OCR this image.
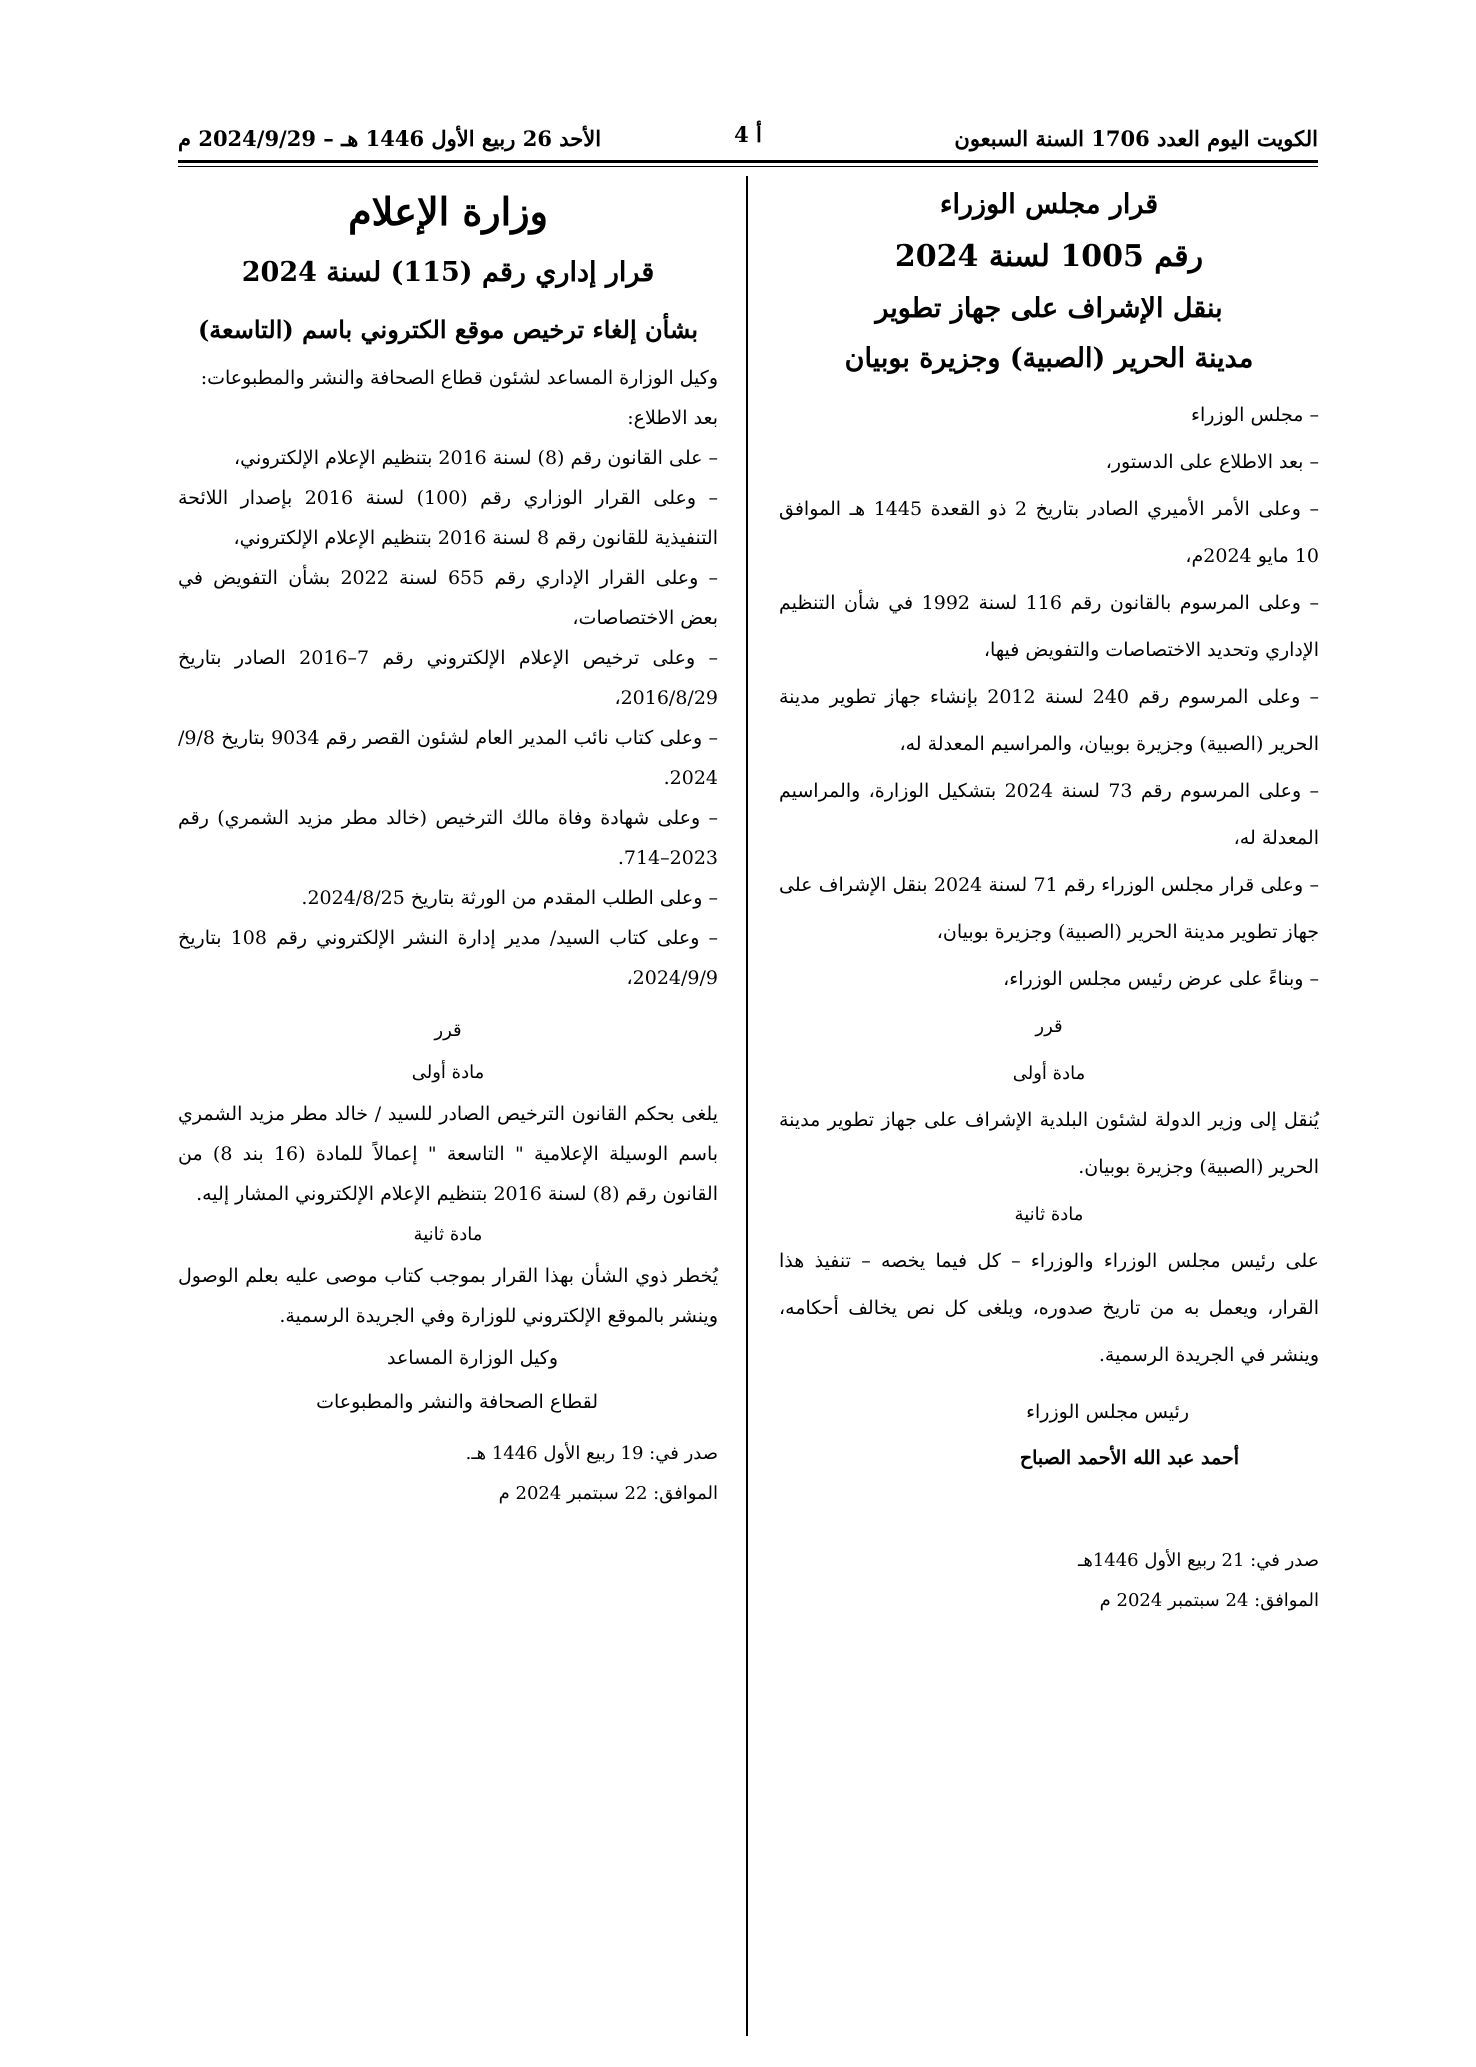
الكويت اليوم العدد 1706 السنة السبعون
أ 4
الأحد 26 ربيع الأول 1446 هـ – 2024/9/29 م

قرار مجلس الوزراء

رقم 1005 لسنة 2024

بنقل الإشراف على جهاز تطوير

مدينة الحرير (الصبية) وجزيرة بوبيان

– مجلس الوزراء

– بعد الاطلاع على الدستور،

– وعلى الأمر الأميري الصادر بتاريخ 2 ذو القعدة 1445 هـ الموافق 10 مايو 2024م،

– وعلى المرسوم بالقانون رقم 116 لسنة 1992 في شأن التنظيم الإداري وتحديد الاختصاصات والتفويض فيها،

– وعلى المرسوم رقم 240 لسنة 2012 بإنشاء جهاز تطوير مدينة الحرير (الصبية) وجزيرة بوبيان، والمراسيم المعدلة له،

– وعلى المرسوم رقم 73 لسنة 2024 بتشكيل الوزارة، والمراسيم المعدلة له،

– وعلى قرار مجلس الوزراء رقم 71 لسنة 2024 بنقل الإشراف على جهاز تطوير مدينة الحرير (الصبية) وجزيرة بوبيان،

– وبناءً على عرض رئيس مجلس الوزراء،

قرر
مادة أولى

يُنقل إلى وزير الدولة لشئون البلدية الإشراف على جهاز تطوير مدينة الحرير (الصبية) وجزيرة بوبيان.

مادة ثانية

على رئيس مجلس الوزراء والوزراء – كل فيما يخصه – تنفيذ هذا القرار، ويعمل به من تاريخ صدوره، ويلغى كل نص يخالف أحكامه، وينشر في الجريدة الرسمية.

رئيس مجلس الوزراء
أحمد عبد الله الأحمد الصباح
صدر في: 21 ربيع الأول 1446هـ
الموافق: 24 سبتمبر 2024 م

وزارة الإعلام

قرار إداري رقم (115) لسنة 2024

بشأن إلغاء ترخيص موقع الكتروني باسم (التاسعة)

وكيل الوزارة المساعد لشئون قطاع الصحافة والنشر والمطبوعات:

بعد الاطلاع:

– على القانون رقم (8) لسنة 2016 بتنظيم الإعلام الإلكتروني،

– وعلى القرار الوزاري رقم (100) لسنة 2016 بإصدار اللائحة التنفيذية للقانون رقم 8 لسنة 2016 بتنظيم الإعلام الإلكتروني،

– وعلى القرار الإداري رقم 655 لسنة 2022 بشأن التفويض في بعض الاختصاصات،

– وعلى ترخيص الإعلام الإلكتروني رقم 7–2016 الصادر بتاريخ 2016/8/29،

– وعلى كتاب نائب المدير العام لشئون القصر رقم 9034 بتاريخ 9/8/ 2024.

– وعلى شهادة وفاة مالك الترخيص (خالد مطر مزيد الشمري) رقم 2023–714.

– وعلى الطلب المقدم من الورثة بتاريخ 2024/8/25.

– وعلى كتاب السيد/ مدير إدارة النشر الإلكتروني رقم 108 بتاريخ 2024/9/9،

قرر
مادة أولى

يلغى بحكم القانون الترخيص الصادر للسيد / خالد مطر مزيد الشمري باسم الوسيلة الإعلامية " التاسعة " إعمالاً للمادة (16 بند 8) من القانون رقم (8) لسنة 2016 بتنظيم الإعلام الإلكتروني المشار إليه.

مادة ثانية

يُخطر ذوي الشأن بهذا القرار بموجب كتاب موصى عليه بعلم الوصول وينشر بالموقع الإلكتروني للوزارة وفي الجريدة الرسمية.

وكيل الوزارة المساعد
لقطاع الصحافة والنشر والمطبوعات
صدر في: 19 ربيع الأول 1446 هـ.
الموافق: 22 سبتمبر 2024 م
